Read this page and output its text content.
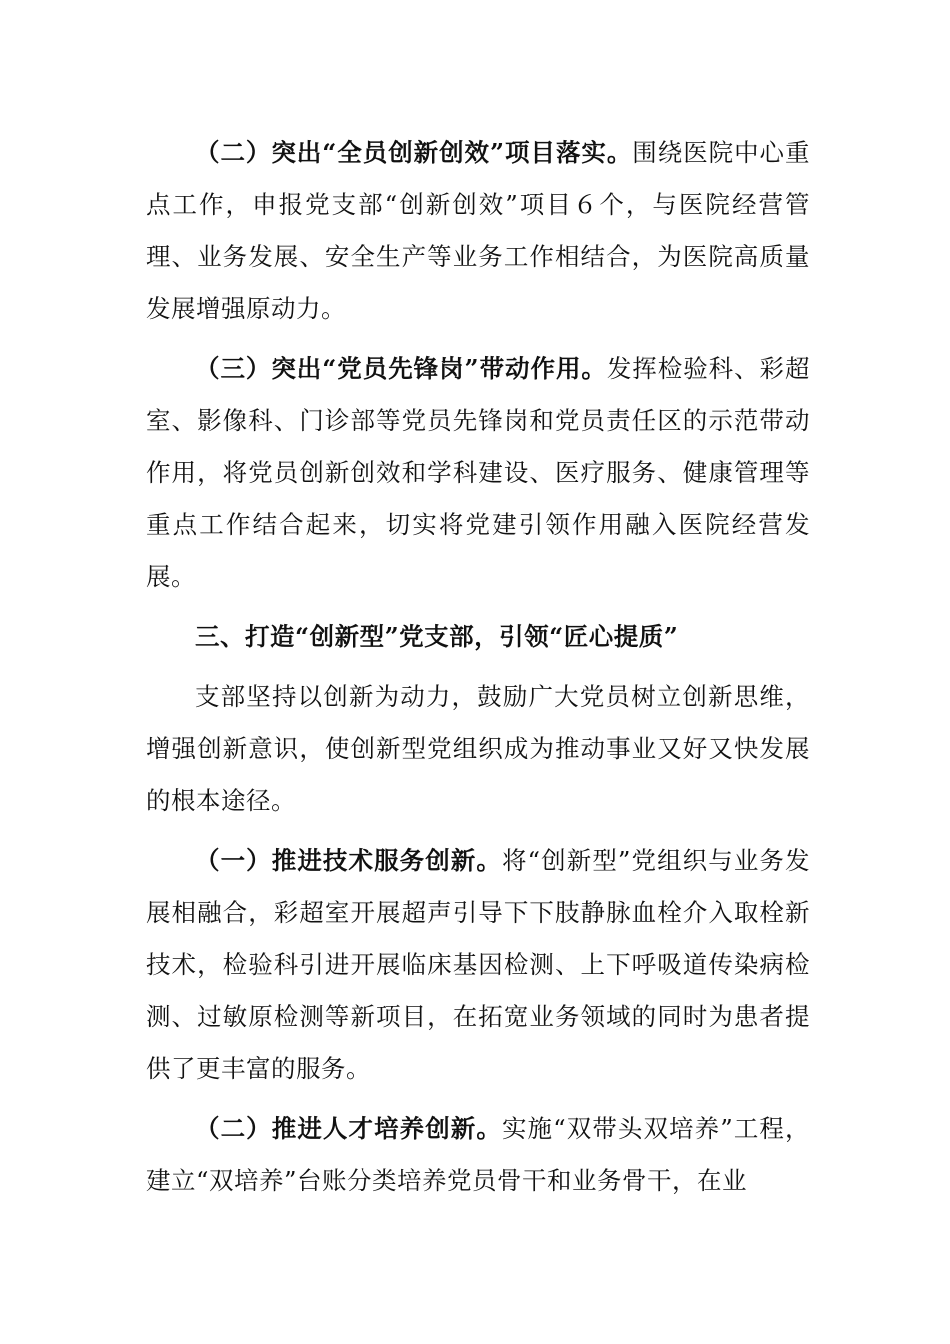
（二）突出“全员创新创效”项目落实。围绕医院中心重点工作，申报党支部“创新创效”项目６个，与医院经营管理、业务发展、安全生产等业务工作相结合，为医院高质量发展增强原动力。

（三）突出“党员先锋岗”带动作用。发挥检验科、彩超室、影像科、门诊部等党员先锋岗和党员责任区的示范带动作用，将党员创新创效和学科建设、医疗服务、健康管理等重点工作结合起来，切实将党建引领作用融入医院经营发展。

三、打造“创新型”党支部，引领“匠心提质”

支部坚持以创新为动力，鼓励广大党员树立创新思维，增强创新意识，使创新型党组织成为推动事业又好又快发展的根本途径。

（一）推进技术服务创新。将“创新型”党组织与业务发展相融合，彩超室开展超声引导下下肢静脉血栓介入取栓新技术，检验科引进开展临床基因检测、上下呼吸道传染病检测、过敏原检测等新项目，在拓宽业务领域的同时为患者提供了更丰富的服务。

（二）推进人才培养创新。实施“双带头双培养”工程，建立“双培养”台账分类培养党员骨干和业务骨干，在业
